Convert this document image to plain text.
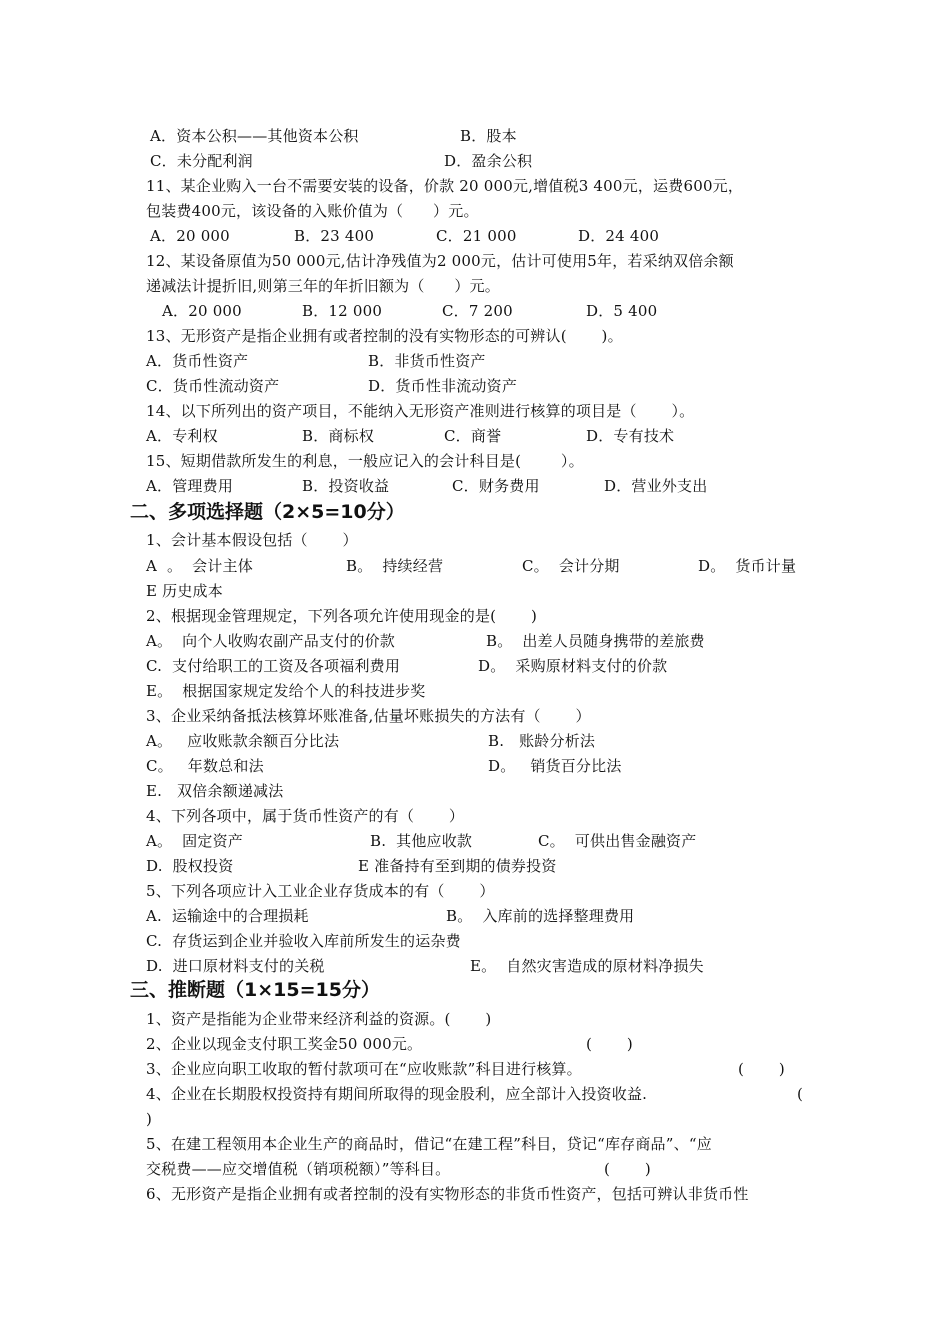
A．资本公积——其他资本公积	B．股本
C．未分配利润	D．盈余公积
11、某企业购入一台不需要安装的设备，价款 20 000元,增值税3 400元，运费600元，
包装费400元，该设备的入账价值为（      ）元。
A．20 000	B．23 400	C．21 000	D．24 400
12、某设备原值为50 000元,估计净残值为2 000元，估计可使用5年，若采纳双倍余额
递减法计提折旧,则第三年的年折旧额为（      ）元。
A．20 000	B．12 000	C．7 200	D．5 400
13、无形资产是指企业拥有或者控制的没有实物形态的可辨认(       )。
A．货币性资产	B．非货币性资产
C．货币性流动资产	D．货币性非流动资产
14、以下所列出的资产项目，不能纳入无形资产准则进行核算的项目是（       ）。
A．专利权	B．商标权	C．商誉	D．专有技术
15、短期借款所发生的利息，一般应记入的会计科目是(        ）。
A．管理费用	B．投资收益	C．财务费用	D．营业外支出
二、多项选择题（2×5=10分）
1、会计基本假设包括（       ）
A  。  会计主体	B。  持续经营	C。  会计分期	D。  货币计量
E 历史成本
2、根据现金管理规定，下列各项允许使用现金的是(       )
A。  向个人收购农副产品支付的价款	B。  出差人员随身携带的差旅费
C.  支付给职工的工资及各项福利费用	D。  采购原材料支付的价款
E。  根据国家规定发给个人的科技进步奖
3、企业采纳备抵法核算坏账准备,估量坏账损失的方法有（       ）
A。   应收账款余额百分比法	B.   账龄分析法
C。   年数总和法	D。   销货百分比法
E.   双倍余额递减法
4、下列各项中，属于货币性资产的有（       ）
A。  固定资产	B.  其他应收款	C。  可供出售金融资产
D.  股权投资	E 准备持有至到期的债券投资
5、下列各项应计入工业企业存货成本的有（       ）
A.  运输途中的合理损耗	B。  入库前的选择整理费用
C.  存货运到企业并验收入库前所发生的运杂费
D.  进口原材料支付的关税	E。  自然灾害造成的原材料净损失
三、推断题（1×15=15分）
1、资产是指能为企业带来经济利益的资源。(       )
2、企业以现金支付职工奖金50 000元。	(       )
3、企业应向职工收取的暂付款项可在“应收账款”科目进行核算。	(       )
4、企业在长期股权投资持有期间所取得的现金股利，应全部计入投资收益.	(
)
5、在建工程领用本企业生产的商品时，借记“在建工程”科目，贷记“库存商品”、“应
交税费——应交增值税（销项税额）”等科目。	(       )
6、无形资产是指企业拥有或者控制的没有实物形态的非货币性资产，包括可辨认非货币性
